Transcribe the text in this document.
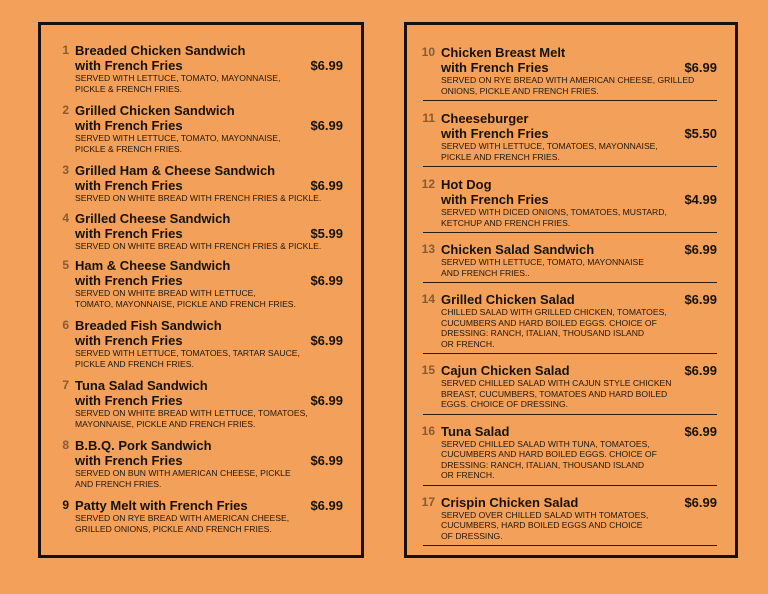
1 Breaded Chicken Sandwich
with French Fries	$6.99
SERVED WITH LETTUCE, TOMATO, MAYONNAISE,
PICKLE & FRENCH FRIES.
2 Grilled Chicken Sandwich
with French Fries	$6.99
SERVED WITH LETTUCE, TOMATO, MAYONNAISE,
PICKLE & FRENCH FRIES.
3 Grilled Ham & Cheese Sandwich
with French Fries	$6.99
SERVED ON WHITE BREAD WITH FRENCH FRIES & PICKLE.
4 Grilled Cheese Sandwich
with French Fries	$5.99
SERVED ON WHITE BREAD WITH FRENCH FRIES & PICKLE.
5 Ham & Cheese Sandwich
with French Fries	$6.99
SERVED ON WHITE BREAD WITH LETTUCE,
TOMATO, MAYONNAISE, PICKLE AND FRENCH FRIES.
6 Breaded Fish Sandwich
with French Fries	$6.99
SERVED WITH LETTUCE, TOMATOES, TARTAR SAUCE,
PICKLE AND FRENCH FRIES.
7 Tuna Salad Sandwich
with French Fries	$6.99
SERVED ON WHITE BREAD WITH LETTUCE, TOMATOES,
MAYONNAISE, PICKLE AND FRENCH FRIES.
8 B.B.Q. Pork Sandwich
with French Fries	$6.99
SERVED ON BUN WITH AMERICAN CHEESE, PICKLE
AND FRENCH FRIES.
9 Patty Melt with French Fries	$6.99
SERVED ON RYE BREAD WITH AMERICAN CHEESE,
GRILLED ONIONS, PICKLE AND FRENCH FRIES.
10 Chicken Breast Melt
with French Fries	$6.99
SERVED ON RYE BREAD WITH AMERICAN CHEESE, GRILLED
ONIONS, PICKLE AND FRENCH FRIES.
11 Cheeseburger
with French Fries	$5.50
SERVED WITH LETTUCE, TOMATOES, MAYONNAISE,
PICKLE AND FRENCH FRIES.
12 Hot Dog
with French Fries	$4.99
SERVED WITH DICED ONIONS, TOMATOES, MUSTARD,
KETCHUP AND FRENCH FRIES.
13 Chicken Salad Sandwich	$6.99
SERVED WITH LETTUCE, TOMATO, MAYONNAISE
AND FRENCH FRIES..
14 Grilled Chicken Salad	$6.99
CHILLED SALAD WITH GRILLED CHICKEN, TOMATOES,
CUCUMBERS AND HARD BOILED EGGS. CHOICE OF
DRESSING: RANCH, ITALIAN, THOUSAND ISLAND
OR FRENCH.
15 Cajun Chicken Salad	$6.99
SERVED CHILLED SALAD WITH CAJUN STYLE CHICKEN
BREAST, CUCUMBERS, TOMATOES AND HARD BOILED
EGGS. CHOICE OF DRESSING.
16 Tuna Salad	$6.99
SERVED CHILLED SALAD WITH TUNA, TOMATOES,
CUCUMBERS AND HARD BOILED EGGS. CHOICE OF
DRESSING: RANCH, ITALIAN, THOUSAND ISLAND
OR FRENCH.
17 Crispin Chicken Salad	$6.99
SERVED OVER CHILLED SALAD WITH TOMATOES,
CUCUMBERS, HARD BOILED EGGS AND CHOICE
OF DRESSING.
